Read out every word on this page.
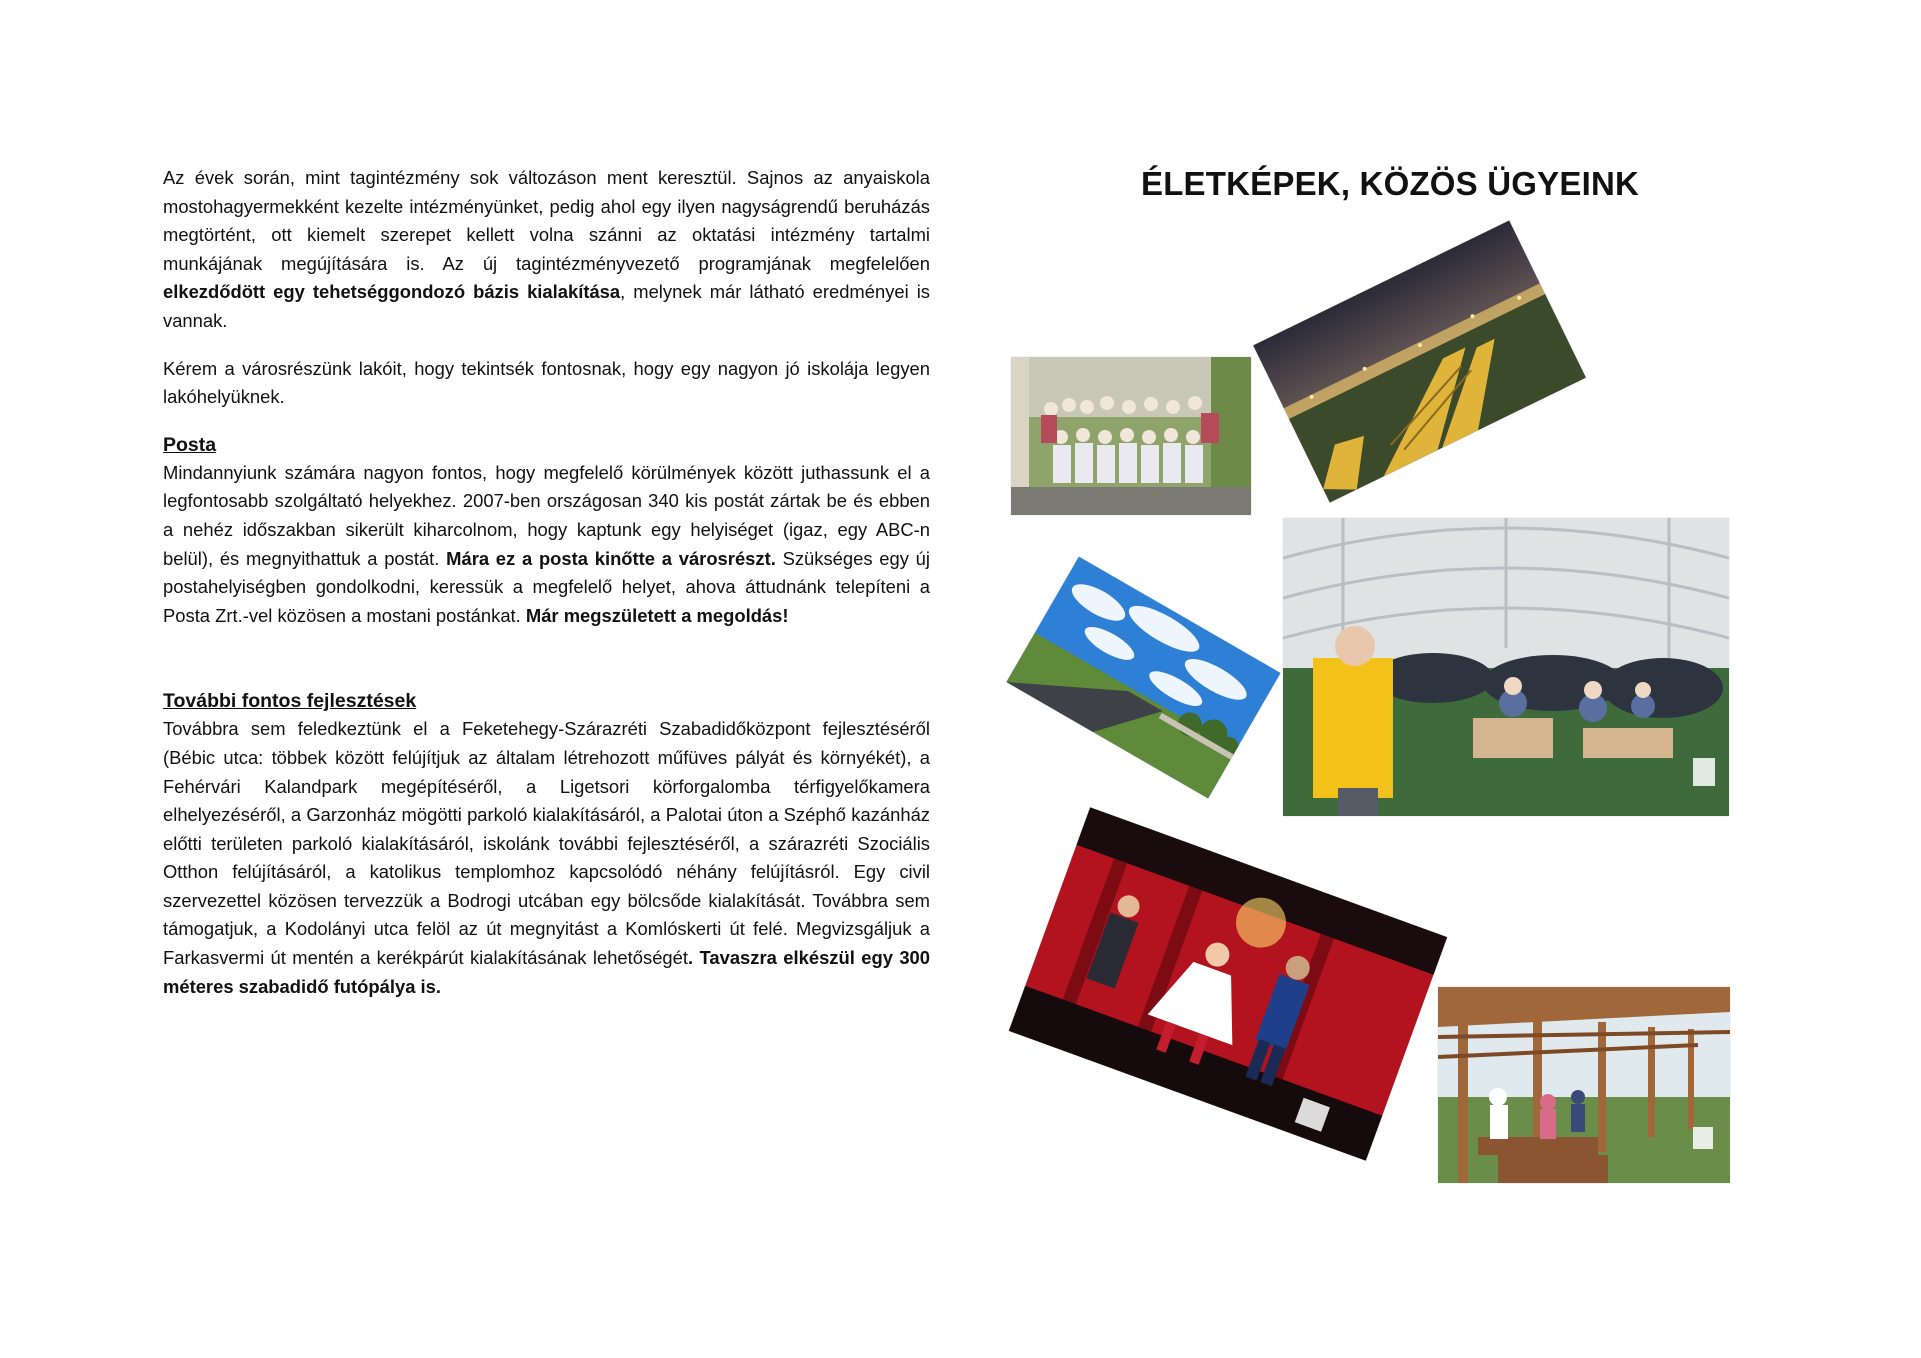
Az évek során, mint tagintézmény sok változáson ment keresztül. Sajnos az anyaiskola mostohagyermekként kezelte intézményünket, pedig ahol egy ilyen nagyságrendű beruházás megtörtént, ott kiemelt szerepet kellett volna szánni az oktatási intézmény tartalmi munkájának megújítására is. Az új tagintézményvezető programjának megfelelően elkezdődött egy tehetséggondozó bázis kialakítása, melynek már látható eredményei is vannak.

Kérem a városrészünk lakóit, hogy tekintsék fontosnak, hogy egy nagyon jó iskolája legyen lakóhelyüknek.

Posta

Mindannyiunk számára nagyon fontos, hogy megfelelő körülmények között juthassunk el a legfontosabb szolgáltató helyekhez. 2007-ben országosan 340 kis postát zártak be és ebben a nehéz időszakban sikerült kiharcolnom, hogy kaptunk egy helyiséget (igaz, egy ABC-n belül), és megnyithattuk a postát. Mára ez a posta kinőtte a városrészt. Szükséges egy új postahelyiségben gondolkodni, keressük a megfelelő helyet, ahova áttudnánk telepíteni a Posta Zrt.-vel közösen a mostani postánkat. Már megszületett a megoldás!

További fontos fejlesztések

Továbbra sem feledkeztünk el a Feketehegy-Szárazréti Szabadidőközpont fejlesztéséről (Bébic utca: többek között felújítjuk az általam létrehozott műfüves pályát és környékét), a Fehérvári Kalandpark megépítéséről, a Ligetsori körforgalomba térfigyelőkamera elhelyezéséről, a Garzonház mögötti parkoló kialakításáról, a Palotai úton a Széphő kazánház előtti területen parkoló kialakításáról, iskolánk további fejlesztéséről, a szárazréti Szociális Otthon felújításáról, a katolikus templomhoz kapcsolódó néhány felújításról. Egy civil szervezettel közösen tervezzük a Bodrogi utcában egy bölcsőde kialakítását. Továbbra sem támogatjuk, a Kodolányi utca felöl az út megnyitást a Komlóskerti út felé. Megvizsgáljuk a Farkasvermi út mentén a kerékpárút kialakításának lehetőségét. Tavaszra elkészül egy 300 méteres szabadidő futópálya is.

ÉLETKÉPEK, KÖZÖS ÜGYEINK
